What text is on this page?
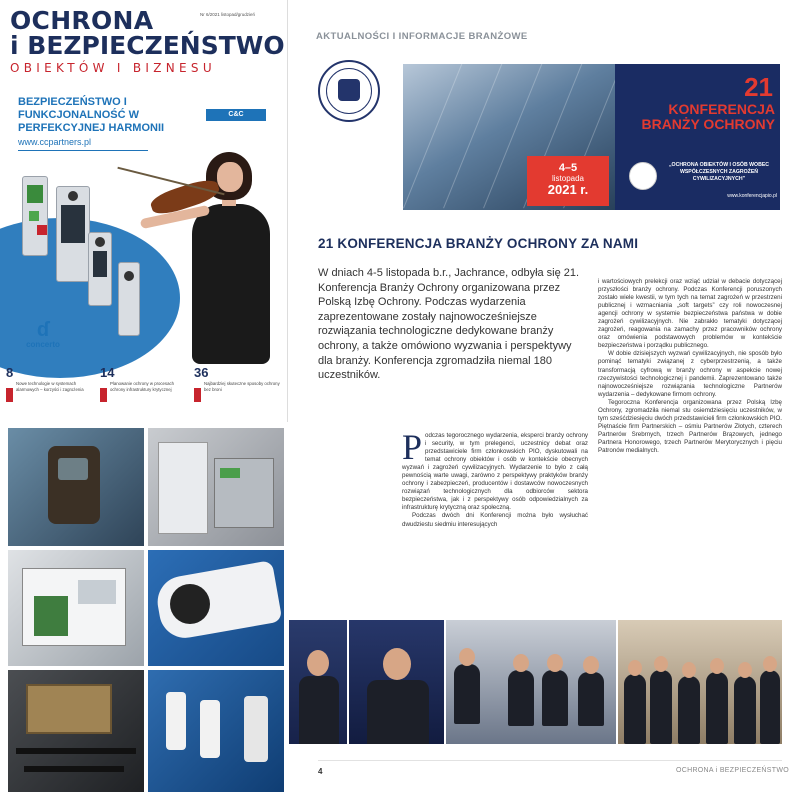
OCHRONA
i BEZPIECZEŃSTWO
OBIEKTÓW I BIZNESU
Nr 6/2021 listopad/grudzień
BEZPIECZEŃSTWO I FUNKCJONALNOŚĆ W PERFEKCYJNEJ HARMONII
www.ccpartners.pl
C&C
ɗ
concerto
8
Nowe technologie w systemach alarmowych – korzyści i zagrożenia
14
Planowanie ochrony w procesach ochrony infrastruktury krytycznej
36
Najbardziej skuteczne sposoby ochrony bez broni
AKTUALNOŚCI I INFORMACJE BRANŻOWE
21
KONFERENCJA BRANŻY OCHRONY
4–5
listopada
2021 r.
„OCHRONA OBIEKTÓW I OSÓB WOBEC WSPÓŁCZESNYCH ZAGROŻEŃ CYWILIZACYJNYCH”
www.konferencjapio.pl
21 KONFERENCJA BRANŻY OCHRONY ZA NAMI
W dniach 4-5 listopada b.r., Jachrance, odbyła się 21. Konferencja Branży Ochrony organizowana przez Polską Izbę Ochrony. Podczas wydarzenia zaprezentowane zostały najnowocześniejsze rozwiązania technologiczne dedykowane branży ochrony, a także omówiono wyzwania i perspektywy dla branży. Konferencja zgromadziła niemal 180 uczestników.
P odczas tegorocznego wydarzenia, eksperci branży ochrony i security, w tym prelegenci, uczestnicy debat oraz przedstawiciele firm członkowskich PIO, dyskutowali na temat ochrony obiektów i osób w kontekście obecnych wyzwań i zagrożeń cywilizacyjnych. Wydarzenie to było z całą pewnością warte uwagi, zarówno z perspektywy praktyków branży ochrony i zabezpieczeń, producentów i dostawców nowoczesnych rozwiązań technologicznych dla odbiorców sektora bezpieczeństwa, jak i z perspektywy osób odpowiedzialnych za infrastrukturę krytyczną oraz społeczną.

Podczas dwóch dni Konferencji można było wysłuchać dwudziestu siedmiu interesujących

i wartościowych prelekcji oraz wziąć udział w debacie dotyczącej przyszłości branży ochrony. Podczas Konferencji poruszonych zostało wiele kwestii, w tym tych na temat zagrożeń w przestrzeni publicznej i wzmacniania „soft targets” czy roli nowoczesnej agencji ochrony w systemie bezpieczeństwa państwa w dobie zagrożeń cywilizacyjnych. Nie zabrakło tematyki dotyczącej zagrożeń, reagowania na zamachy przez pracowników ochrony oraz omówienia podstawowych problemów w kontekście bezpieczeństwa i porządku publicznego.

W dobie dzisiejszych wyzwań cywilizacyjnych, nie sposób było pominąć tematyki związanej z cyberprzestrzenią, a także transformacją cyfrową w branży ochrony w aspekcie nowej rzeczywistości technologicznej i pandemii. Zaprezentowano także najnowocześniejsze rozwiązania technologiczne Partnerów wydarzenia – dedykowane firmom ochrony.

Tegoroczna Konferencja organizowana przez Polską Izbę Ochrony, zgromadziła niemal stu osiemdziesięciu uczestników, w tym sześćdziesięciu dwóch przedstawicieli firm członkowskich PIO. Piętnaście firm Partnerskich – ośmiu Partnerów Złotych, czterech Partnerów Srebrnych, trzech Partnerów Brązowych, jednego Partnera Honorowego, trzech Partnerów Merytorycznych i pięciu Patronów medialnych.

4	OCHRONA i BEZPIECZEŃSTWO
